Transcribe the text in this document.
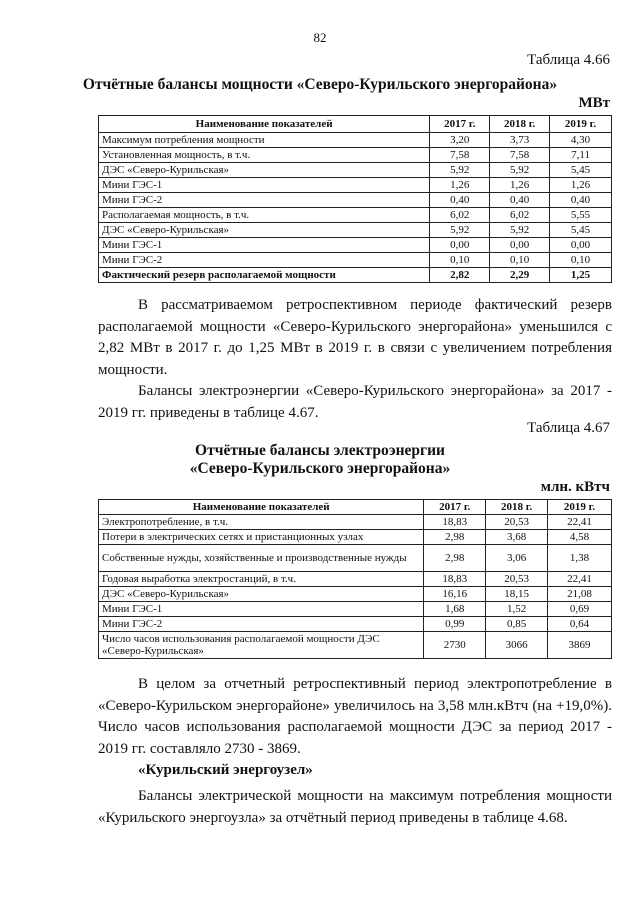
82
Таблица 4.66
Отчётные балансы мощности «Северо-Курильского энергорайона»
МВт
Наименование показателей	2017 г.	2018 г.	2019 г.
Максимум потребления мощности	3,20	3,73	4,30
Установленная мощность, в т.ч.	7,58	7,58	7,11
ДЭС «Северо-Курильская»	5,92	5,92	5,45
Мини ГЭС-1	1,26	1,26	1,26
Мини ГЭС-2	0,40	0,40	0,40
Располагаемая мощность, в т.ч.	6,02	6,02	5,55
ДЭС «Северо-Курильская»	5,92	5,92	5,45
Мини ГЭС-1	0,00	0,00	0,00
Мини ГЭС-2	0,10	0,10	0,10
Фактический резерв располагаемой мощности	2,82	2,29	1,25

В рассматриваемом ретроспективном периоде фактический резерв располагаемой мощности «Северо-Курильского энергорайона» уменьшился с 2,82 МВт в 2017 г. до 1,25 МВт в 2019 г. в связи с увеличением потребления мощности.

Балансы электроэнергии «Северо-Курильского энергорайона» за 2017 - 2019 гг. приведены в таблице 4.67.

Таблица 4.67
Отчётные балансы электроэнергии
«Северо-Курильского энергорайона»
млн. кВтч
Наименование показателей	2017 г.	2018 г.	2019 г.
Электропотребление, в т.ч.	18,83	20,53	22,41
Потери в электрических сетях и пристанционных узлах	2,98	3,68	4,58
Собственные нужды, хозяйственные и производственные нужды	2,98	3,06	1,38
Годовая выработка электростанций, в т.ч.	18,83	20,53	22,41
ДЭС «Северо-Курильская»	16,16	18,15	21,08
Мини ГЭС-1	1,68	1,52	0,69
Мини ГЭС-2	0,99	0,85	0,64
Число часов использования располагаемой мощности ДЭС «Северо-Курильская»	2730	3066	3869

В целом за отчетный ретроспективный период электропотребление в «Северо-Курильском энергорайоне» увеличилось на 3,58 млн.кВтч (на +19,0%). Число часов использования располагаемой мощности ДЭС за период 2017 - 2019 гг. составляло 2730 - 3869.

«Курильский энергоузел»

Балансы электрической мощности на максимум потребления мощности «Курильского энергоузла» за отчётный период приведены в таблице 4.68.
